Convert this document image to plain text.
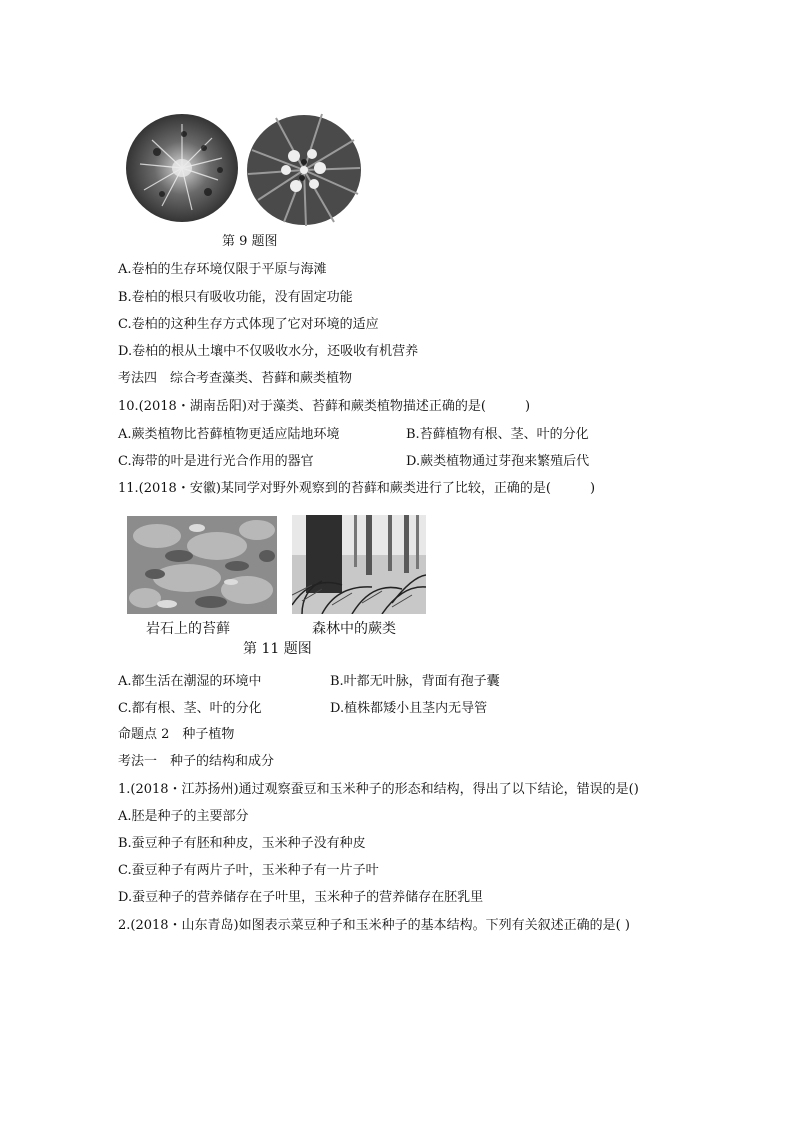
第 9 题图
A.卷柏的生存环境仅限于平原与海滩
B.卷柏的根只有吸收功能，没有固定功能
C.卷柏的这种生存方式体现了它对环境的适应
D.卷柏的根从土壤中不仅吸收水分，还吸收有机营养
考法四　综合考查藻类、苔藓和蕨类植物
10.(2018・湖南岳阳)对于藻类、苔藓和蕨类植物描述正确的是(　　　)
A.蕨类植物比苔藓植物更适应陆地环境	B.苔藓植物有根、茎、叶的分化
C.海带的叶是进行光合作用的器官	D.蕨类植物通过芽孢来繁殖后代
11.(2018・安徽)某同学对野外观察到的苔藓和蕨类进行了比较，正确的是(　　　)
岩石上的苔藓	森林中的蕨类
第 11 题图
A.都生活在潮湿的环境中	B.叶都无叶脉，背面有孢子囊
C.都有根、茎、叶的分化	D.植株都矮小且茎内无导管
命题点 2　种子植物
考法一　种子的结构和成分
1.(2018・江苏扬州)通过观察蚕豆和玉米种子的形态和结构，得出了以下结论，错误的是()
A.胚是种子的主要部分
B.蚕豆种子有胚和种皮，玉米种子没有种皮
C.蚕豆种子有两片子叶，玉米种子有一片子叶
D.蚕豆种子的营养储存在子叶里，玉米种子的营养储存在胚乳里
2.(2018・山东青岛)如图表示菜豆种子和玉米种子的基本结构。下列有关叙述正确的是( )
